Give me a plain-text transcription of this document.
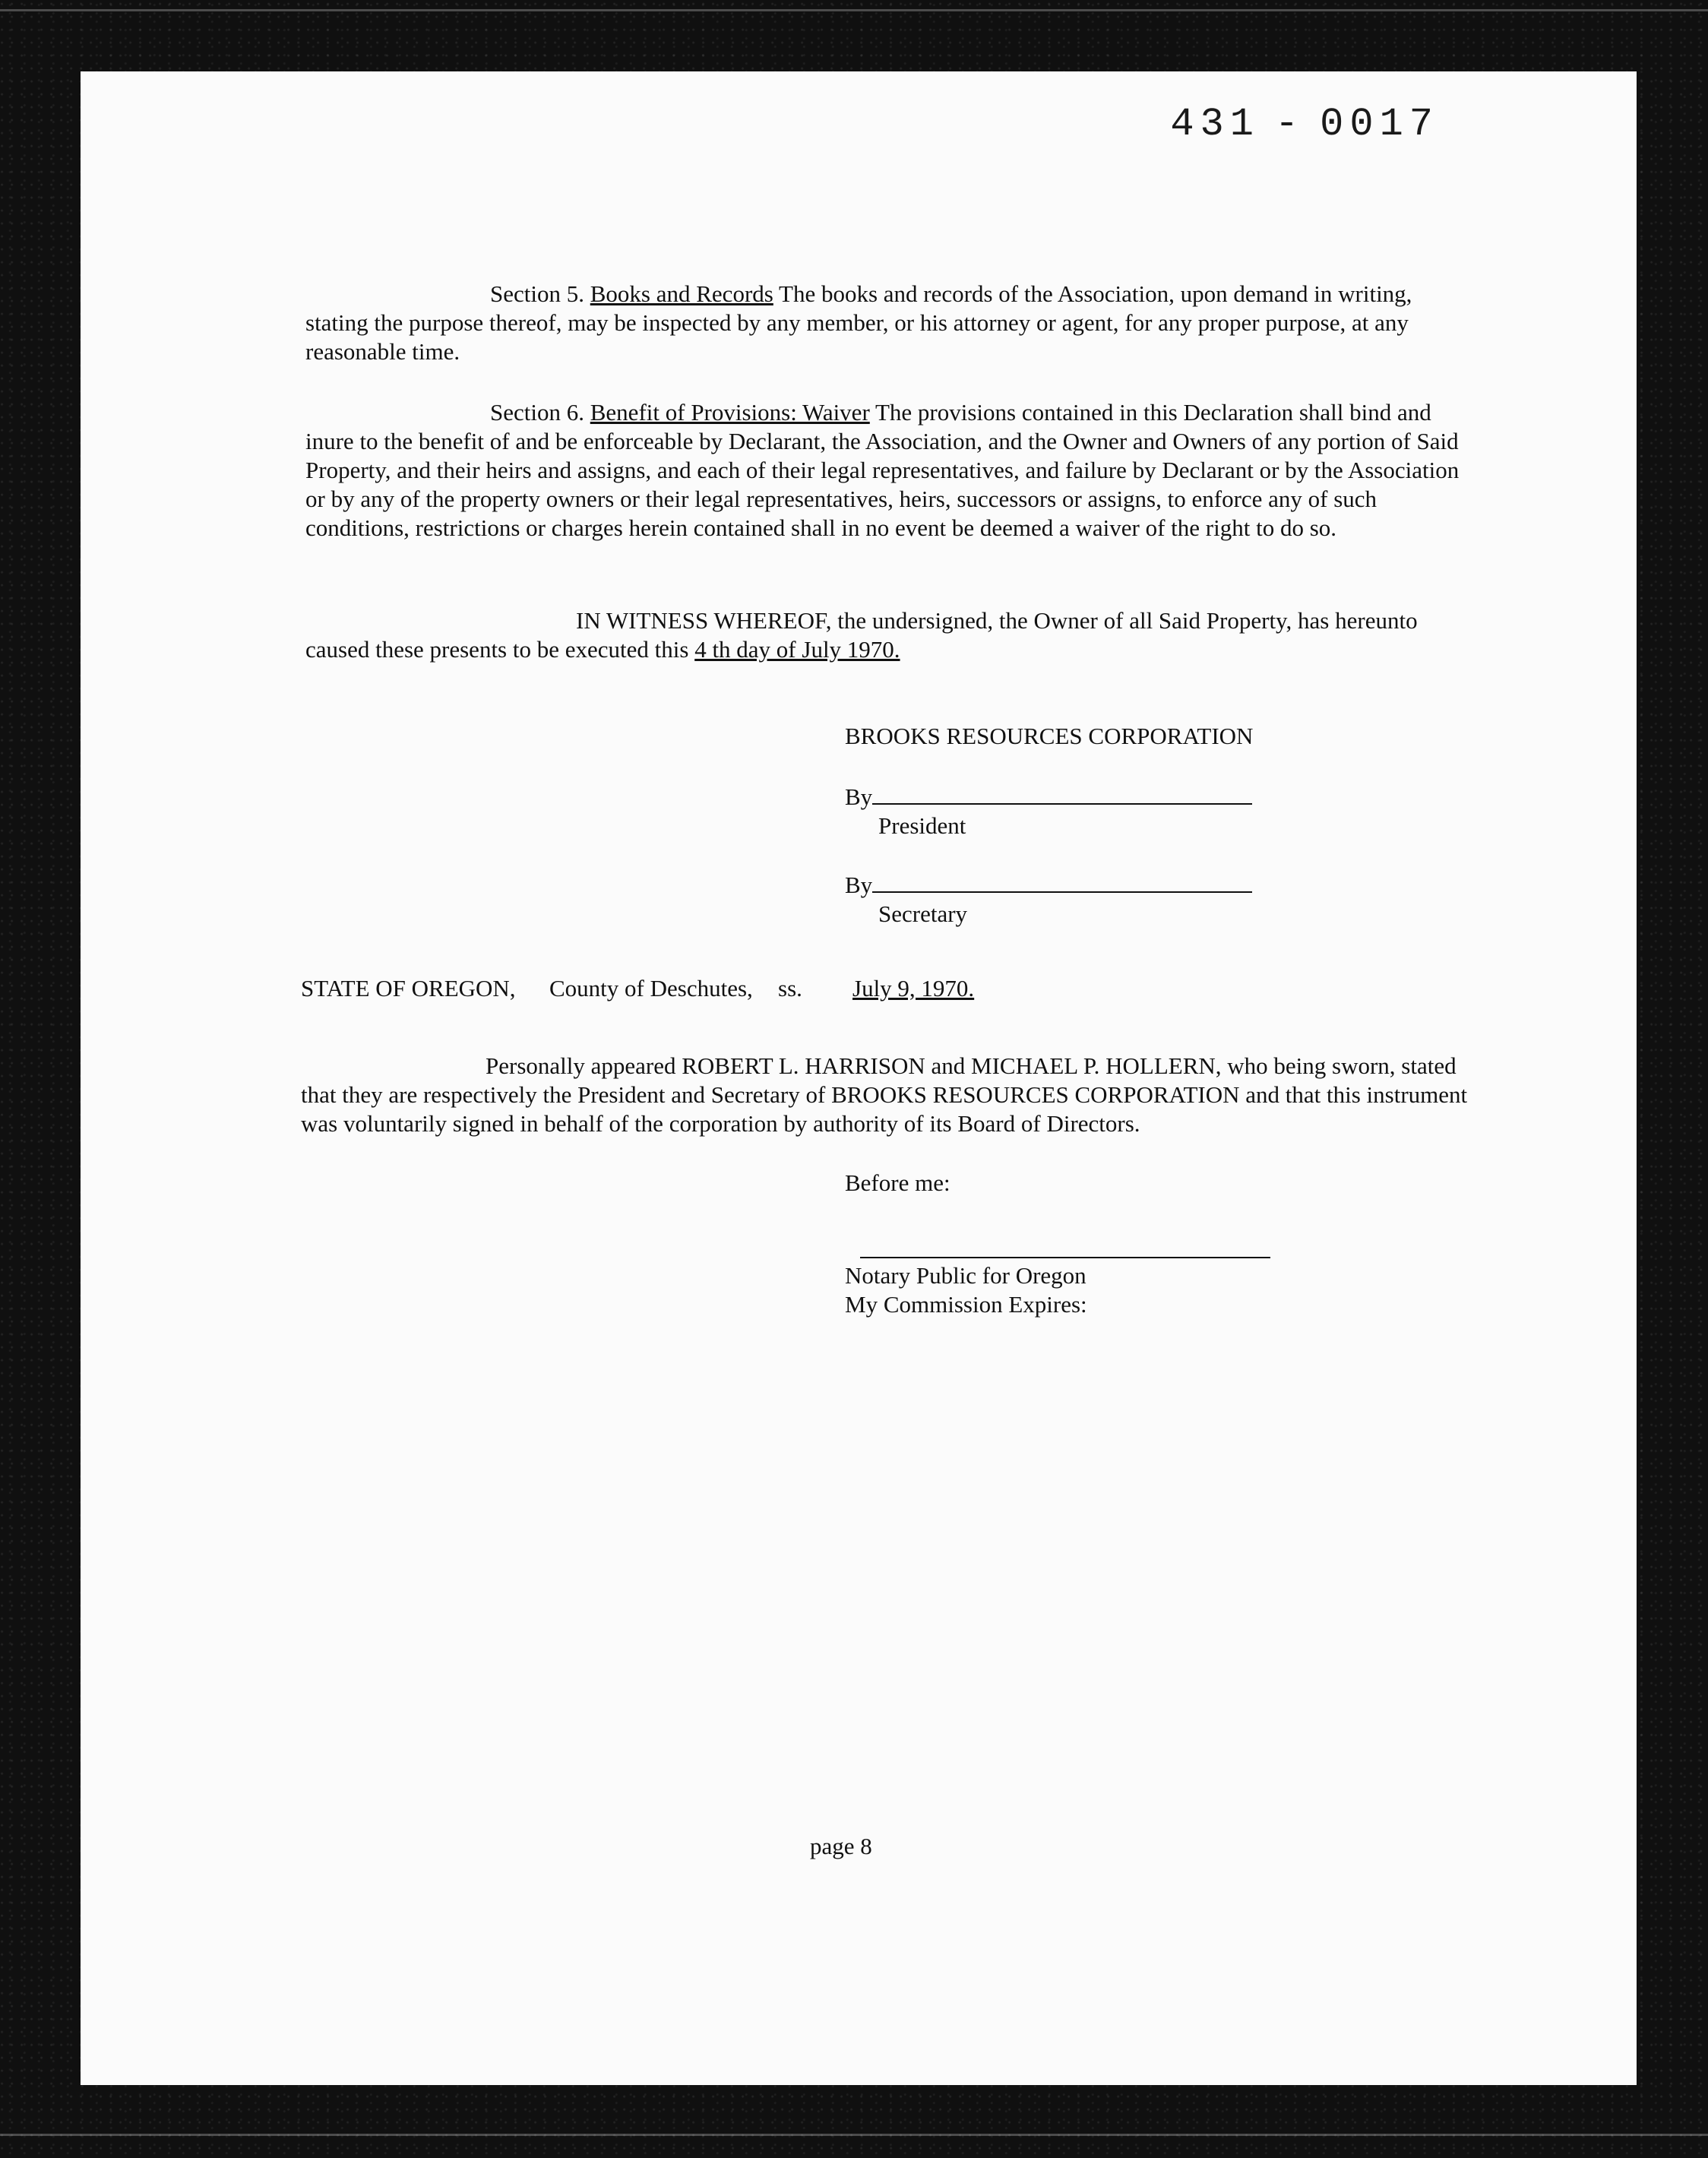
431 - 0017
Section 5. Books and Records The books and records of the Association, upon demand in writing, stating the purpose thereof, may be inspected by any member, or his attorney or agent, for any proper purpose, at any reasonable time.
Section 6. Benefit of Provisions: Waiver The provisions contained in this Declaration shall bind and inure to the benefit of and be enforceable by Declarant, the Association, and the Owner and Owners of any portion of Said Property, and their heirs and assigns, and each of their legal representatives, and failure by Declarant or by the Association or by any of the property owners or their legal representatives, heirs, successors or assigns, to enforce any of such conditions, restrictions or charges herein contained shall in no event be deemed a waiver of the right to do so.
IN WITNESS WHEREOF, the undersigned, the Owner of all Said Property, has hereunto caused these presents to be executed this 4 th day of July 1970.
BROOKS RESOURCES CORPORATION
By
President
By
Secretary
STATE OF OREGON, County of Deschutes, ss. July 9, 1970.
Personally appeared ROBERT L. HARRISON and MICHAEL P. HOLLERN, who being sworn, stated that they are respectively the President and Secretary of BROOKS RESOURCES CORPORATION and that this instrument was voluntarily signed in behalf of the corporation by authority of its Board of Directors.
Before me:
Notary Public for Oregon
My Commission Expires:
page 8
